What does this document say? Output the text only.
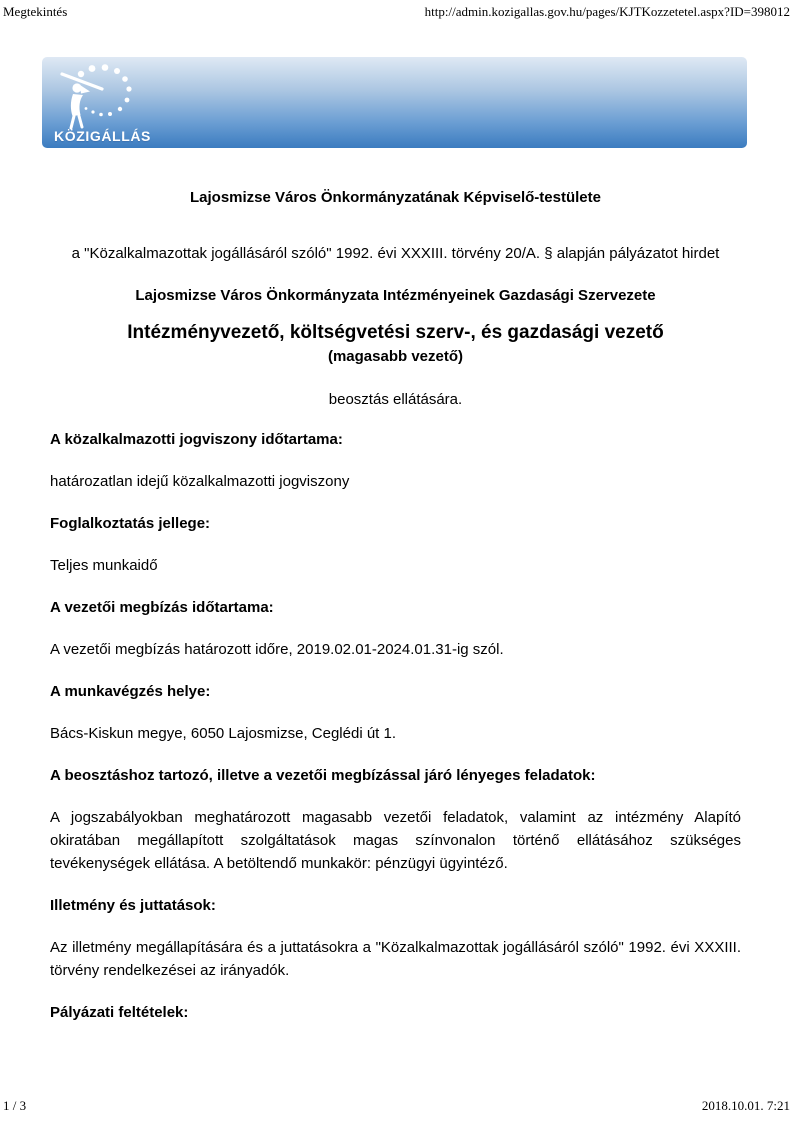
Megtekintés	http://admin.kozigallas.gov.hu/pages/KJTKozzetetel.aspx?ID=398012
KÖZIGÁLLÁS

Lajosmizse Város Önkormányzatának Képviselő-testülete

a "Közalkalmazottak jogállásáról szóló" 1992. évi XXXIII. törvény 20/A. § alapján pályázatot hirdet

Lajosmizse Város Önkormányzata Intézményeinek Gazdasági Szervezete

Intézményvezető, költségvetési szerv-, és gazdasági vezető
(magasabb vezető)

beosztás ellátására.

A közalkalmazotti jogviszony időtartama:

határozatlan idejű közalkalmazotti jogviszony

Foglalkoztatás jellege:

Teljes munkaidő

A vezetői megbízás időtartama:

A vezetői megbízás határozott időre, 2019.02.01-2024.01.31-ig szól.

A munkavégzés helye:

Bács-Kiskun megye, 6050 Lajosmizse, Ceglédi út 1.

A beosztáshoz tartozó, illetve a vezetői megbízással járó lényeges feladatok:

A jogszabályokban meghatározott magasabb vezetői feladatok, valamint az intézmény Alapító okiratában megállapított szolgáltatások magas színvonalon történő ellátásához szükséges tevékenységek ellátása. A betöltendő munkakör: pénzügyi ügyintéző.

Illetmény és juttatások:

Az illetmény megállapítására és a juttatásokra a "Közalkalmazottak jogállásáról szóló" 1992. évi XXXIII. törvény rendelkezései az irányadók.

Pályázati feltételek:

1 / 3	2018.10.01. 7:21
